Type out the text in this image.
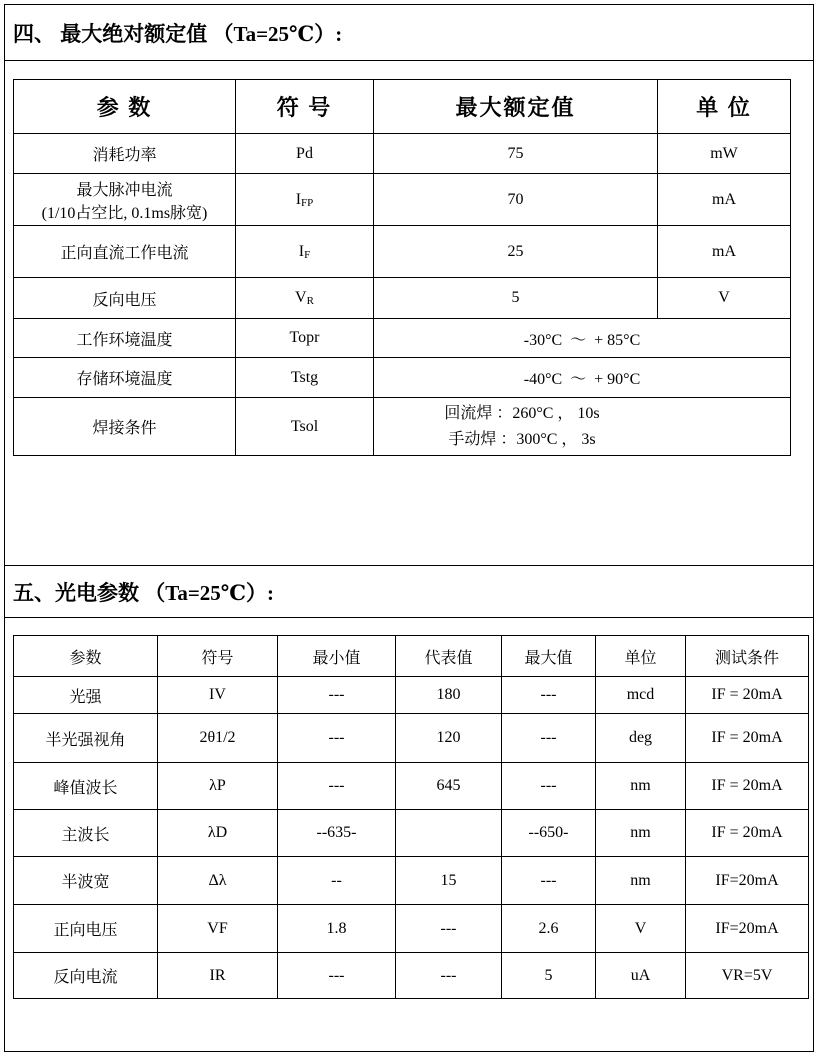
四、 最大绝对额定值 （Ta=25℃）:
参 数	符 号	最大额定值	单 位
消耗功率	Pd	75	mW

最大脉冲电流
(1/10占空比, 0.1ms脉宽)	$I_{FP}$	70	mA
正向直流工作电流	$I_F$	25	mA
反向电压	$V_R$	5	V
工作环境温度	Topr	-30°C  ～  + 85°C	
存储环境温度	Tstg	-40°C  ～  + 90°C	
焊接条件	Tsol	回流焊 ：260°C ， 10s
手动焊 ：300°C ， 3s	
五、光电参数 （Ta=25℃）:
参数	符号	最小值	代表值	最大值	单位	测试条件
光强	IV	---	180	---	mcd	IF = 20mA
半光强视角	2θ1/2	---	120	---	deg	IF = 20mA
峰值波长	λP	---	645	---	nm	IF = 20mA
主波长	λD	--635-		--650-	nm	IF = 20mA
半波宽	Δλ	--	15	---	nm	IF=20mA
正向电压	VF	1.8	---	2.6	V	IF=20mA
反向电流	IR	---	---	5	uA	VR=5V
